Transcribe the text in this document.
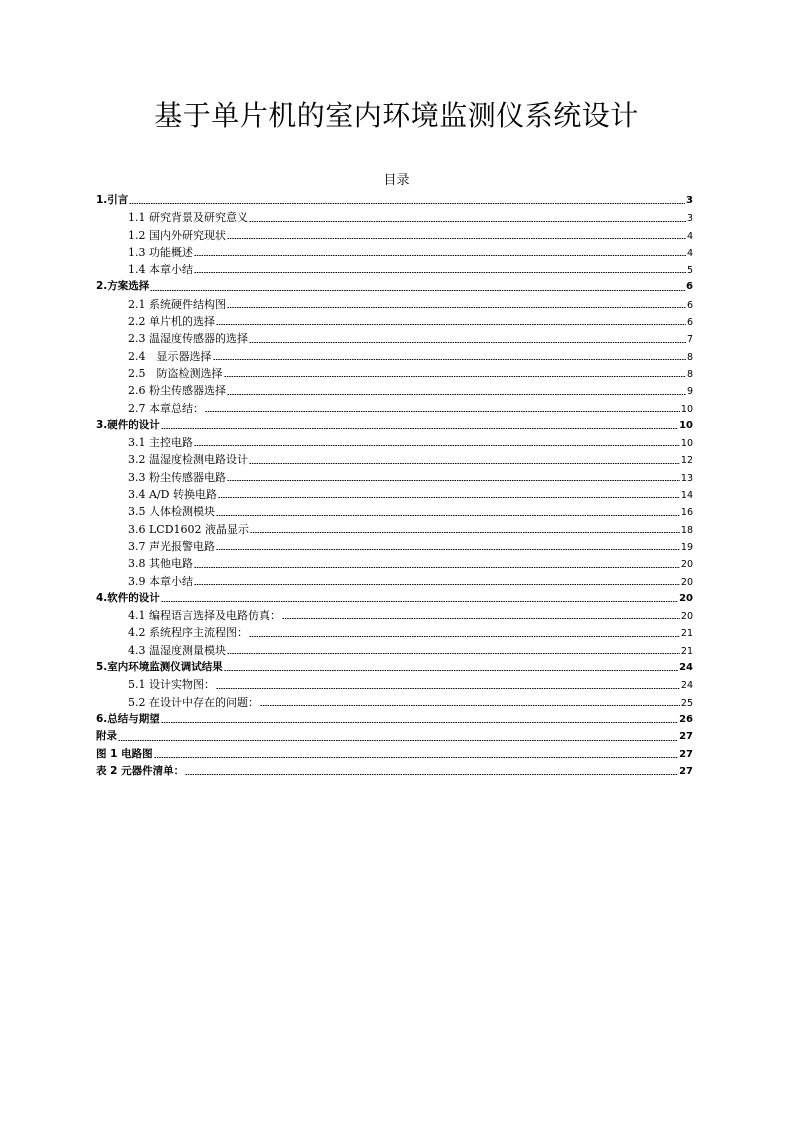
基于单片机的室内环境监测仪系统设计
目录
1.引言	3
1.1 研究背景及研究意义	3
1.2 国内外研究现状	4
1.3 功能概述	4
1.4 本章小结	5
2.方案选择	6
2.1 系统硬件结构图	6
2.2 单片机的选择	6
2.3 温湿度传感器的选择	7
2.4　显示器选择	8
2.5　防盗检测选择	8
2.6 粉尘传感器选择	9
2.7 本章总结：	10
3.硬件的设计	10
3.1 主控电路	10
3.2 温湿度检测电路设计	12
3.3 粉尘传感器电路	13
3.4 A/D 转换电路	14
3.5 人体检测模块	16
3.6 LCD1602 液晶显示	18
3.7 声光报警电路	19
3.8 其他电路	20
3.9 本章小结	20
4.软件的设计	20
4.1 编程语言选择及电路仿真：	20
4.2 系统程序主流程图：	21
4.3 温湿度测量模块	21
5.室内环境监测仪调试结果	24
5.1 设计实物图：	24
5.2 在设计中存在的问题：	25
6.总结与期望	26
附录	27
图 1 电路图	27
表 2 元器件清单：	27
